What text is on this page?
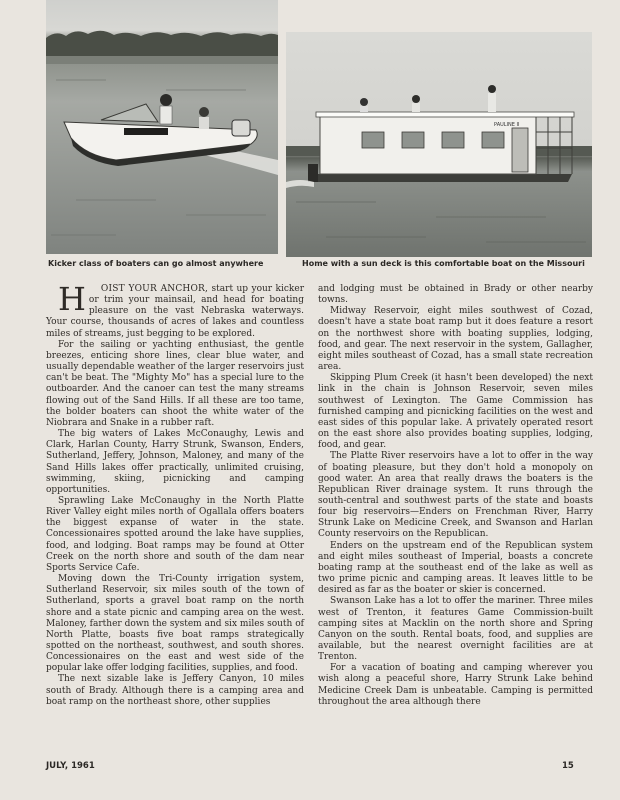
PAULINE II
Kicker class of boaters can go almost anywhere	Home with a sun deck is this comfortable boat on the Missouri

H OIST YOUR ANCHOR, start up your kicker or trim your mainsail, and head for boating pleasure on the vast Nebraska waterways. Your course, thousands of acres of lakes and countless miles of streams, just begging to be explored.

For the sailing or yachting enthusiast, the gentle breezes, enticing shore lines, clear blue water, and usually dependable weather of the larger reservoirs just can't be beat. The "Mighty Mo" has a special lure to the outboarder. And the canoer can test the many streams flowing out of the Sand Hills. If all these are too tame, the bolder boaters can shoot the white water of the Niobrara and Snake in a rubber raft.

The big waters of Lakes McConaughy, Lewis and Clark, Harlan County, Harry Strunk, Swanson, Enders, Sutherland, Jeffery, Johnson, Maloney, and many of the Sand Hills lakes offer practically, unlimited cruising, swimming, skiing, picnicking and camping opportunities.

Sprawling Lake McConaughy in the North Platte River Valley eight miles north of Ogallala offers boaters the biggest expanse of water in the state. Concessionaires spotted around the lake have supplies, food, and lodging. Boat ramps may be found at Otter Creek on the north shore and south of the dam near Sports Service Cafe.

Moving down the Tri-County irrigation system, Sutherland Reservoir, six miles south of the town of Sutherland, sports a gravel boat ramp on the north shore and a state picnic and camping area on the west. Maloney, farther down the system and six miles south of North Platte, boasts five boat ramps strategically spotted on the northeast, southwest, and south shores. Concessionaires on the east and west side of the popular lake offer lodging facilities, supplies, and food.

The next sizable lake is Jeffery Canyon, 10 miles south of Brady. Although there is a camping area and boat ramp on the northeast shore, other supplies

and lodging must be obtained in Brady or other nearby towns.

Midway Reservoir, eight miles southwest of Cozad, doesn't have a state boat ramp but it does feature a resort on the northwest shore with boating supplies, lodging, food, and gear. The next reservoir in the system, Gallagher, eight miles southeast of Cozad, has a small state recreation area.

Skipping Plum Creek (it hasn't been developed) the next link in the chain is Johnson Reservoir, seven miles southwest of Lexington. The Game Commission has furnished camping and picnicking facilities on the west and east sides of this popular lake. A privately operated resort on the east shore also provides boating supplies, lodging, food, and gear.

The Platte River reservoirs have a lot to offer in the way of boating pleasure, but they don't hold a monopoly on good water. An area that really draws the boaters is the Republican River drainage system. It runs through the south-central and southwest parts of the state and boasts four big reservoirs—Enders on Frenchman River, Harry Strunk Lake on Medicine Creek, and Swanson and Harlan County reservoirs on the Republican.

Enders on the upstream end of the Republican system and eight miles southeast of Imperial, boasts a concrete boating ramp at the southeast end of the lake as well as two prime picnic and camping areas. It leaves little to be desired as far as the boater or skier is concerned.

Swanson Lake has a lot to offer the mariner. Three miles west of Trenton, it features Game Commission-built camping sites at Macklin on the north shore and Spring Canyon on the south. Rental boats, food, and supplies are available, but the nearest overnight facilities are at Trenton.

For a vacation of boating and camping wherever you wish along a peaceful shore, Harry Strunk Lake behind Medicine Creek Dam is unbeatable. Camping is permitted throughout the area although there

JULY, 1961	15
